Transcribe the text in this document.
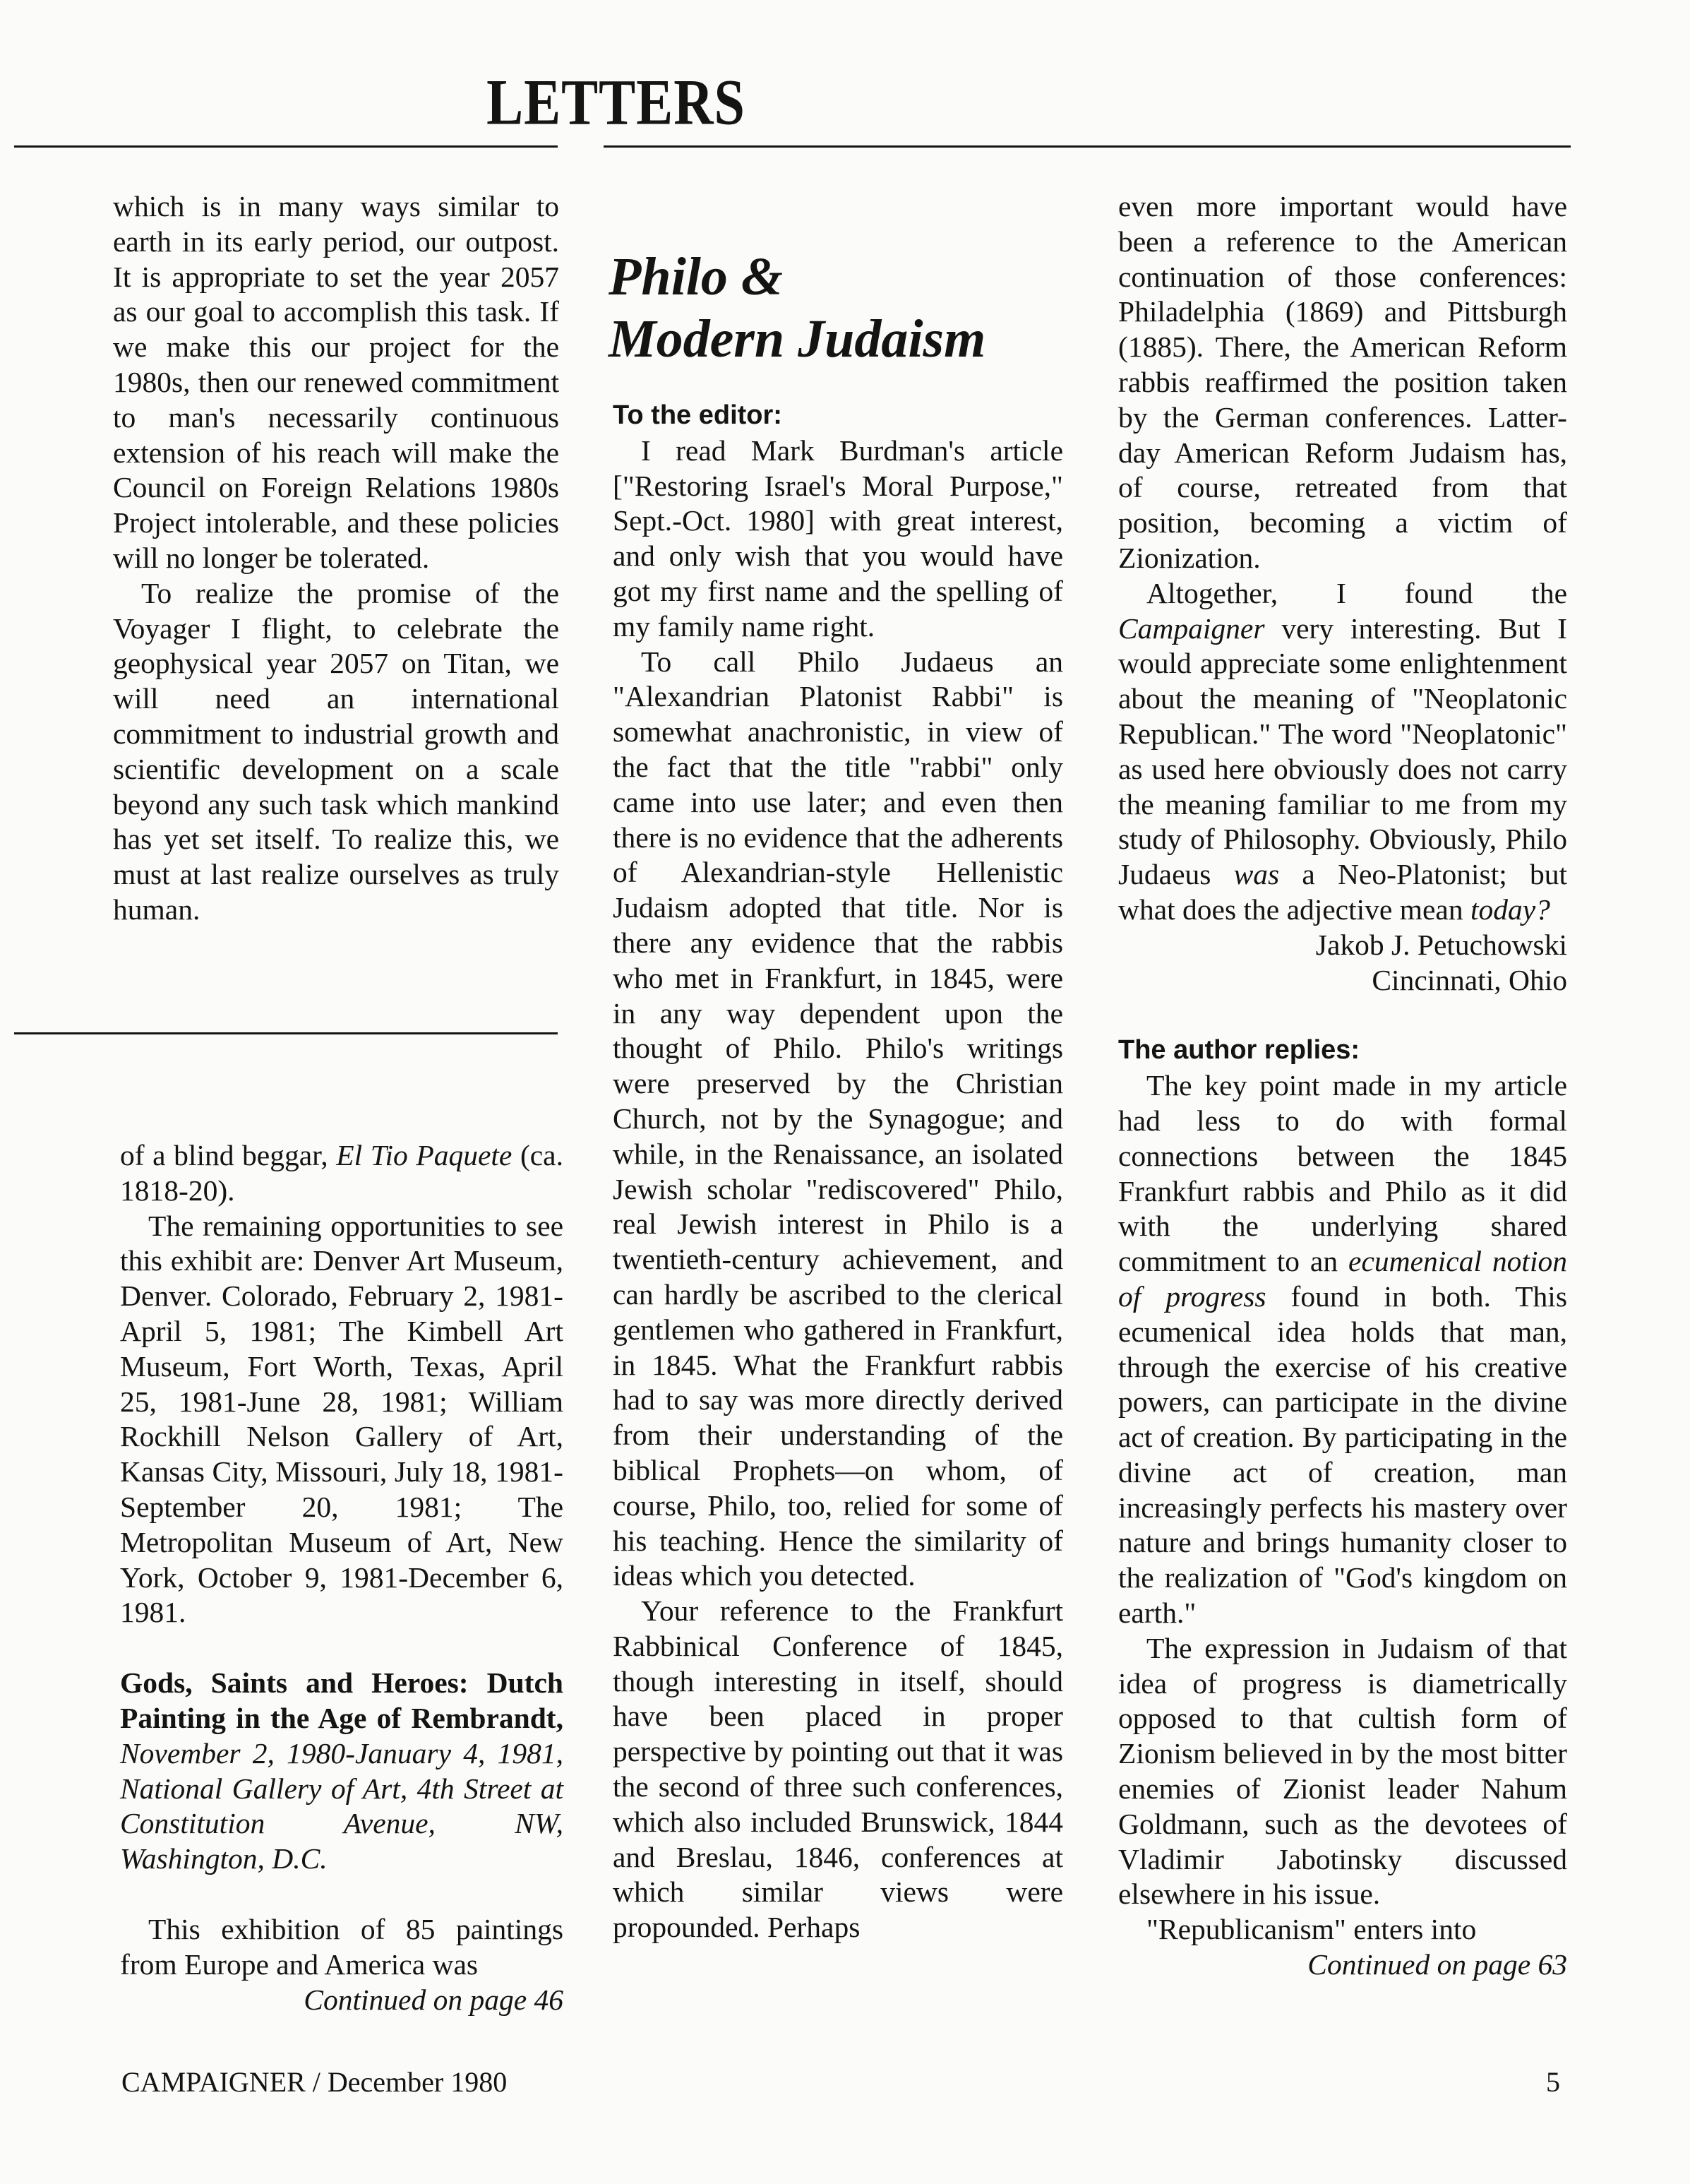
LETTERS

which is in many ways similar to earth in its early period, our outpost. It is appropriate to set the year 2057 as our goal to accomplish this task. If we make this our project for the 1980s, then our renewed commitment to man's necessarily continuous extension of his reach will make the Council on Foreign Relations 1980s Project intolerable, and these policies will no longer be tolerated.

To realize the promise of the Voyager I flight, to celebrate the geophysical year 2057 on Titan, we will need an international commitment to industrial growth and scientific development on a scale beyond any such task which mankind has yet set itself. To realize this, we must at last realize ourselves as truly human.

of a blind beggar, El Tio Paquete (ca. 1818-20).

The remaining opportunities to see this exhibit are: Denver Art Museum, Denver. Colorado, February 2, 1981-April 5, 1981; The Kimbell Art Museum, Fort Worth, Texas, April 25, 1981-June 28, 1981; William Rockhill Nelson Gallery of Art, Kansas City, Missouri, July 18, 1981-September 20, 1981; The Metropolitan Museum of Art, New York, October 9, 1981-December 6, 1981.

Gods, Saints and Heroes: Dutch Painting in the Age of Rembrandt, November 2, 1980-January 4, 1981, National Gallery of Art, 4th Street at Constitution Avenue, NW, Washington, D.C.

This exhibition of 85 paintings from Europe and America was

Continued on page 46
Philo &
Modern Judaism
To the editor:

I read Mark Burdman's article ["Restoring Israel's Moral Purpose," Sept.-Oct. 1980] with great interest, and only wish that you would have got my first name and the spelling of my family name right.

To call Philo Judaeus an "Alexandrian Platonist Rabbi" is somewhat anachronistic, in view of the fact that the title "rabbi" only came into use later; and even then there is no evidence that the adherents of Alexandrian-style Hellenistic Judaism adopted that title. Nor is there any evidence that the rabbis who met in Frankfurt, in 1845, were in any way dependent upon the thought of Philo. Philo's writings were preserved by the Christian Church, not by the Synagogue; and while, in the Renaissance, an isolated Jewish scholar "rediscovered" Philo, real Jewish interest in Philo is a twentieth-century achievement, and can hardly be ascribed to the clerical gentlemen who gathered in Frankfurt, in 1845. What the Frankfurt rabbis had to say was more directly derived from their understanding of the biblical Prophets—on whom, of course, Philo, too, relied for some of his teaching. Hence the similarity of ideas which you detected.

Your reference to the Frankfurt Rabbinical Conference of 1845, though interesting in itself, should have been placed in proper perspective by pointing out that it was the second of three such conferences, which also included Brunswick, 1844 and Breslau, 1846, conferences at which similar views were propounded. Perhaps

even more important would have been a reference to the American continuation of those conferences: Philadelphia (1869) and Pittsburgh (1885). There, the American Reform rabbis reaffirmed the position taken by the German conferences. Latter-day American Reform Judaism has, of course, retreated from that position, becoming a victim of Zionization.

Altogether, I found the Campaigner very interesting. But I would appreciate some enlightenment about the meaning of "Neoplatonic Republican." The word "Neoplatonic" as used here obviously does not carry the meaning familiar to me from my study of Philosophy. Obviously, Philo Judaeus was a Neo-Platonist; but what does the adjective mean today?

Jakob J. Petuchowski
Cincinnati, Ohio
The author replies:

The key point made in my article had less to do with formal connections between the 1845 Frankfurt rabbis and Philo as it did with the underlying shared commitment to an ecumenical notion of progress found in both. This ecumenical idea holds that man, through the exercise of his creative powers, can participate in the divine act of creation. By participating in the divine act of creation, man increasingly perfects his mastery over nature and brings humanity closer to the realization of "God's kingdom on earth."

The expression in Judaism of that idea of progress is diametrically opposed to that cultish form of Zionism believed in by the most bitter enemies of Zionist leader Nahum Goldmann, such as the devotees of Vladimir Jabotinsky discussed elsewhere in his issue.

"Republicanism" enters into

Continued on page 63
CAMPAIGNER / December 1980	5
